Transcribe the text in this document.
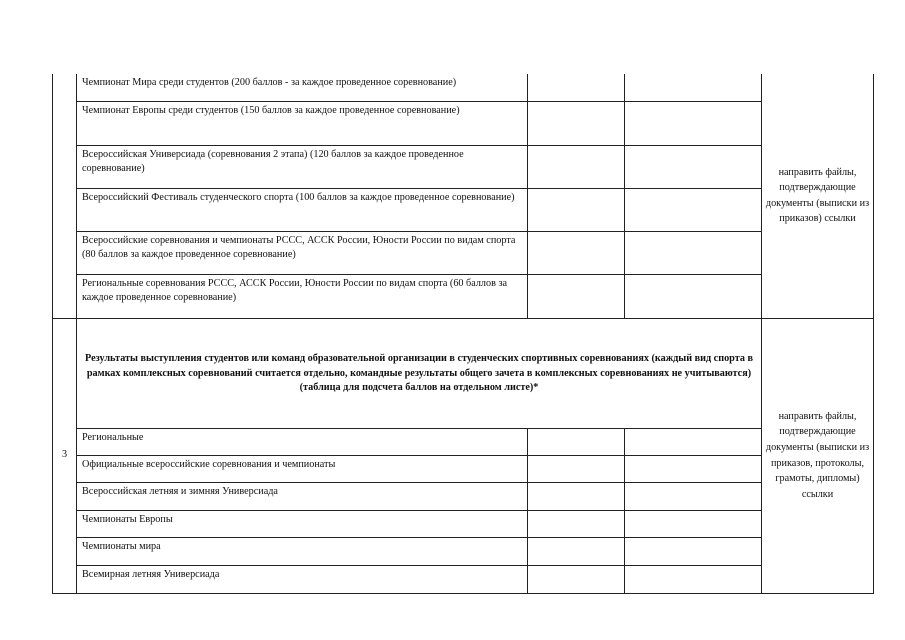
	Чемпионат Мира среди студентов (200 баллов - за каждое проведенное соревнование)			направить файлы, подтверждающие документы (выписки из приказов) ссылки

	Чемпионат Европы среди студентов (150 баллов за каждое проведенное соревнование)			

	Всероссийская Универсиада (соревнования 2 этапа) (120 баллов за каждое проведенное соревнование)			

	Всероссийский Фестиваль студенческого спорта (100 баллов за каждое проведенное соревнование)			

	Всероссийские соревнования и чемпионаты РССС, АССК России, Юности России по видам спорта (80 баллов за каждое проведенное соревнование)			

	Региональные соревнования РССС, АССК России, Юности России по видам спорта (60 баллов за каждое проведенное соревнование)			

3	Результаты выступления студентов или команд образовательной организации в студенческих спортивных соревнованиях (каждый вид спорта в рамках комплексных соревнований считается отдельно, командные результаты общего зачета в комплексных соревнованиях не учитываются) (таблица для подсчета баллов на отдельном листе)*			направить файлы, подтверждающие документы (выписки из приказов, протоколы, грамоты, дипломы) ссылки

	Региональные			

	Официальные всероссийские соревнования и чемпионаты			

	Всероссийская летняя и зимняя Универсиада			

	Чемпионаты Европы			

	Чемпионаты мира			

	Всемирная летняя Универсиада			
